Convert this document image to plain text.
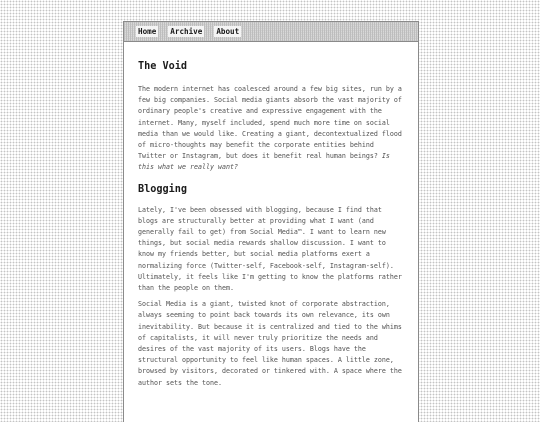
Home Archive About
The Void

The modern internet has coalesced around a few big sites, run by a few big companies. Social media giants absorb the vast majority of ordinary people's creative and expressive engagement with the internet. Many, myself included, spend much more time on social media than we would like. Creating a giant, decontextualized flood of micro-thoughts may benefit the corporate entities behind Twitter or Instagram, but does it benefit real human beings? Is this what we really want?

Blogging

Lately, I've been obsessed with blogging, because I find that blogs are structurally better at providing what I want (and generally fail to get) from Social Media™. I want to learn new things, but social media rewards shallow discussion. I want to know my friends better, but social media platforms exert a normalizing force (Twitter-self, Facebook-self, Instagram-self). Ultimately, it feels like I'm getting to know the platforms rather than the people on them.

Social Media is a giant, twisted knot of corporate abstraction, always seeming to point back towards its own relevance, its own inevitability. But because it is centralized and tied to the whims of capitalists, it will never truly prioritize the needs and desires of the vast majority of its users. Blogs have the structural opportunity to feel like human spaces. A little zone, browsed by visitors, decorated or tinkered with. A space where the author sets the tone.
